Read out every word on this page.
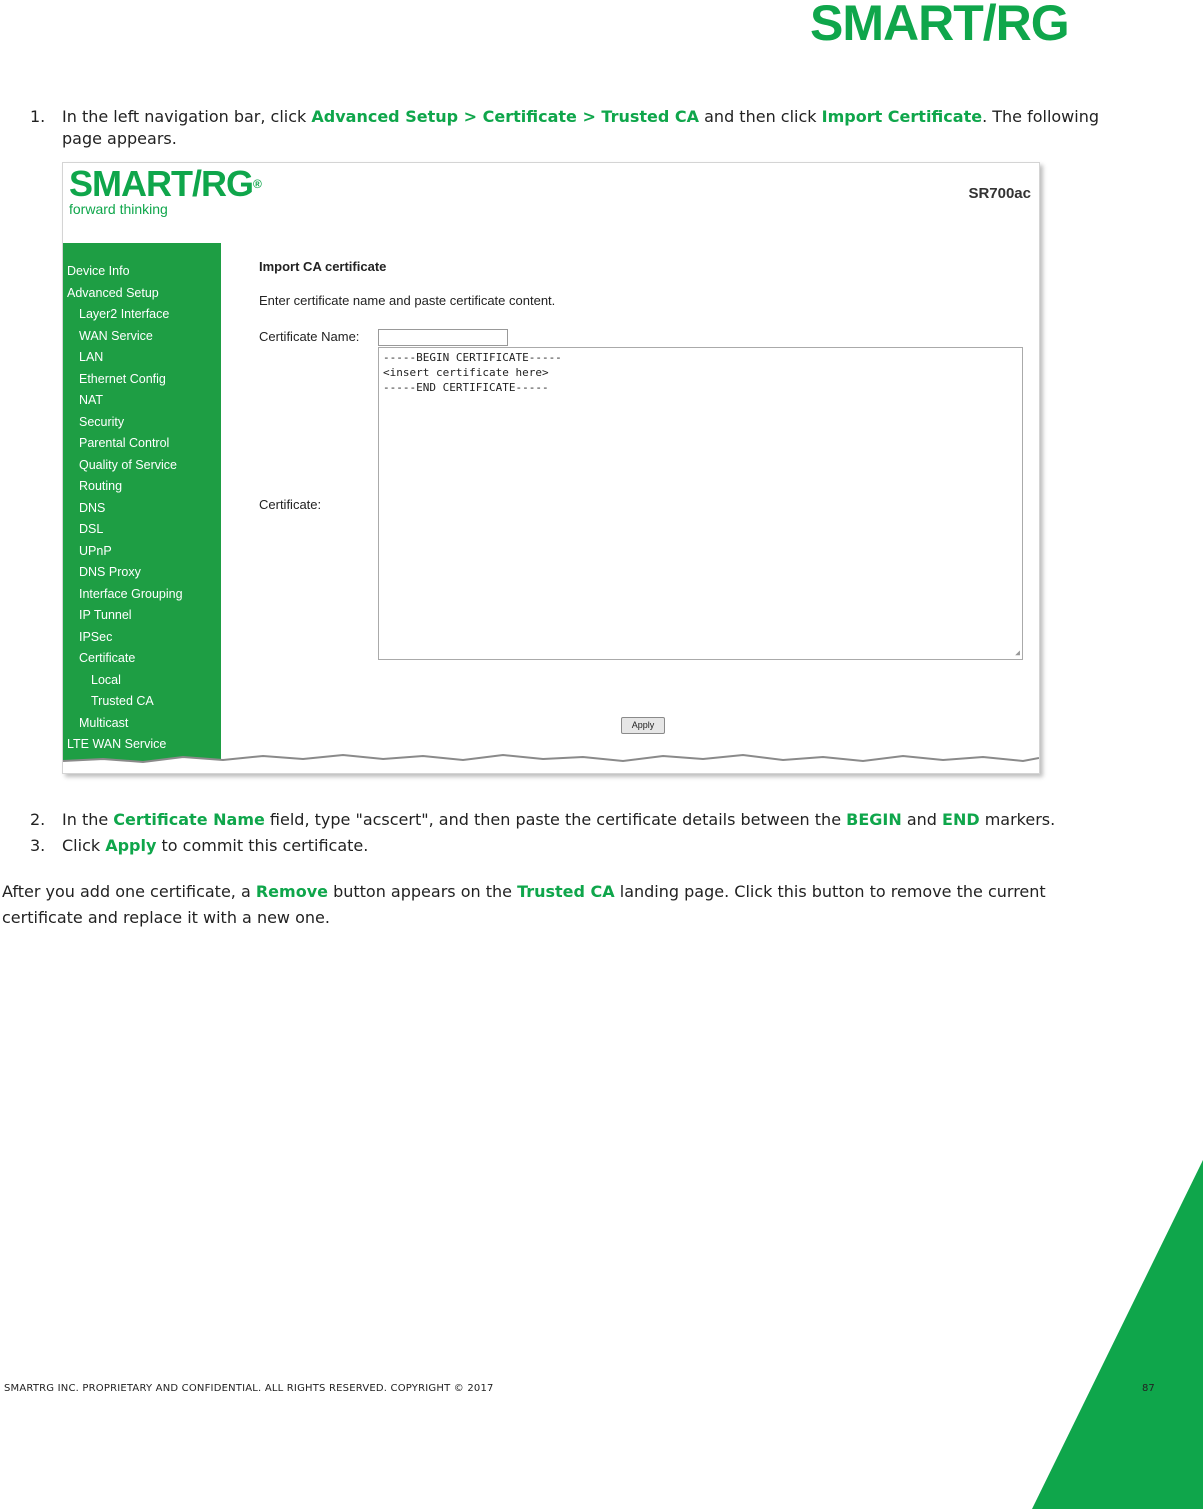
SMART/RG
1. In the left navigation bar, click Advanced Setup > Certificate > Trusted CA and then click Import Certificate. The following
page appears.
SMART/RG®
forward thinking
SR700ac
Device Info
Advanced Setup
Layer2 Interface
WAN Service
LAN
Ethernet Config
NAT
Security
Parental Control
Quality of Service
Routing
DNS
DSL
UPnP
DNS Proxy
Interface Grouping
IP Tunnel
IPSec
Certificate
Local
Trusted CA
Multicast
LTE WAN Service
Import CA certificate
Enter certificate name and paste certificate content.
Certificate Name:
Certificate:
-----BEGIN CERTIFICATE-----
<insert certificate here>
-----END CERTIFICATE-----
◢
Apply
2. In the Certificate Name field, type "acscert", and then paste the certificate details between the BEGIN and END markers.
3. Click Apply to commit this certificate.
After you add one certificate, a Remove button appears on the Trusted CA landing page. Click this button to remove the current
certificate and replace it with a new one.
SMARTRG INC. PROPRIETARY AND CONFIDENTIAL. ALL RIGHTS RESERVED. COPYRIGHT © 2017	87
